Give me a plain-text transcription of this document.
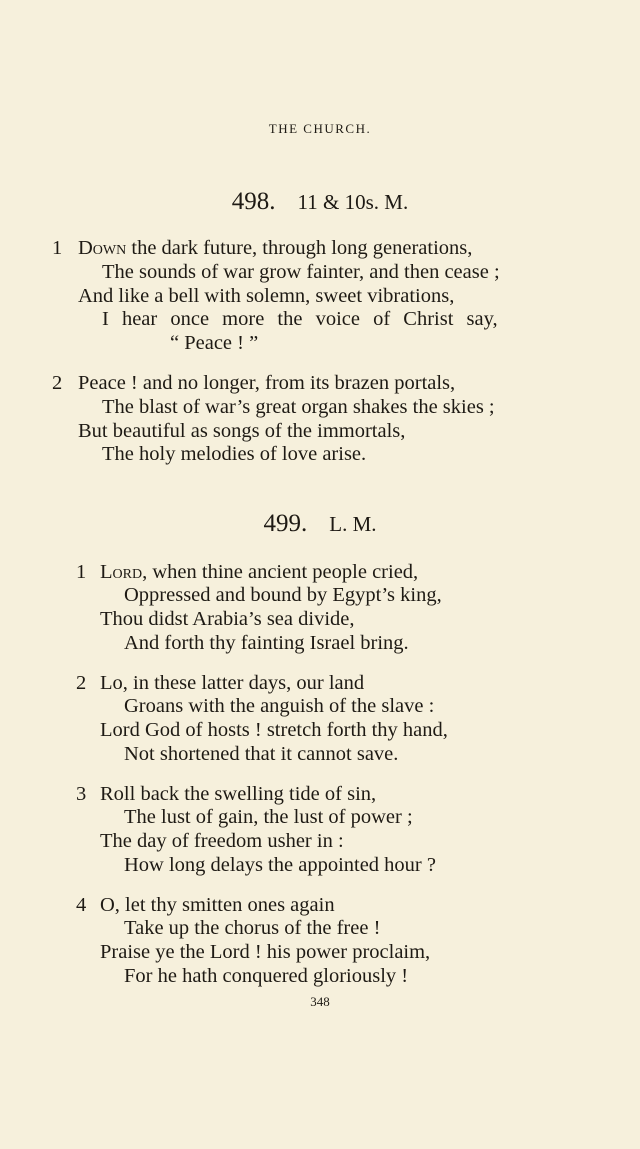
THE CHURCH.
498. 11 & 10s. M.
1 Down the dark future, through long generations,
The sounds of war grow fainter, and then cease ;
And like a bell with solemn, sweet vibrations,
I hear once more the voice of Christ say,
“ Peace ! ”
2 Peace ! and no longer, from its brazen portals,
The blast of war’s great organ shakes the skies ;
But beautiful as songs of the immortals,
The holy melodies of love arise.
499. L. M.
1 Lord, when thine ancient people cried,
Oppressed and bound by Egypt’s king,
Thou didst Arabia’s sea divide,
And forth thy fainting Israel bring.
2 Lo, in these latter days, our land
Groans with the anguish of the slave :
Lord God of hosts ! stretch forth thy hand,
Not shortened that it cannot save.
3 Roll back the swelling tide of sin,
The lust of gain, the lust of power ;
The day of freedom usher in :
How long delays the appointed hour ?
4 O, let thy smitten ones again
Take up the chorus of the free !
Praise ye the Lord ! his power proclaim,
For he hath conquered gloriously !
348
